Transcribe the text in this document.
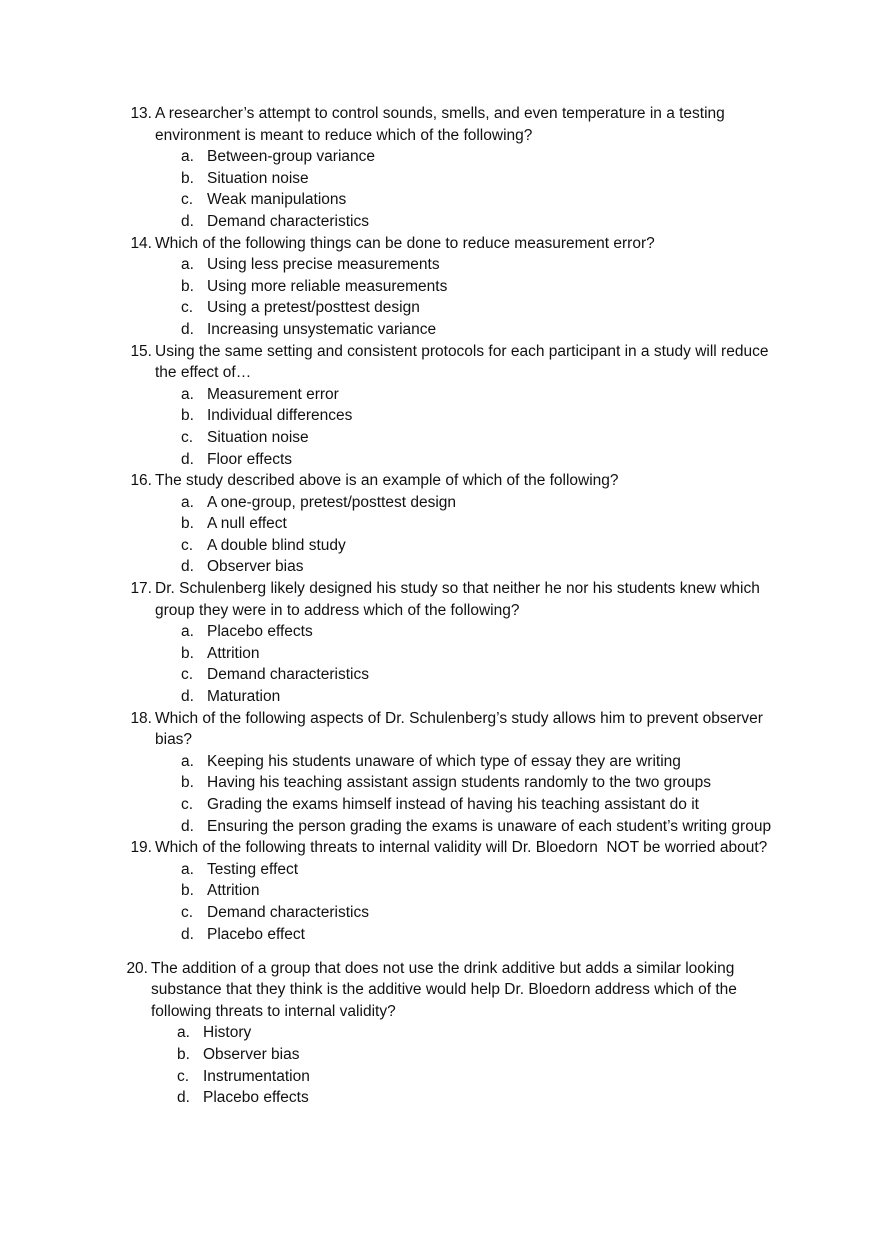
13. A researcher’s attempt to control sounds, smells, and even temperature in a testing environment is meant to reduce which of the following?
a. Between-group variance
b. Situation noise
c. Weak manipulations
d. Demand characteristics
14. Which of the following things can be done to reduce measurement error?
a. Using less precise measurements
b. Using more reliable measurements
c. Using a pretest/posttest design
d. Increasing unsystematic variance
15. Using the same setting and consistent protocols for each participant in a study will reduce the effect of…
a. Measurement error
b. Individual differences
c. Situation noise
d. Floor effects
16. The study described above is an example of which of the following?
a. A one-group, pretest/posttest design
b. A null effect
c. A double blind study
d. Observer bias
17. Dr. Schulenberg likely designed his study so that neither he nor his students knew which group they were in to address which of the following?
a. Placebo effects
b. Attrition
c. Demand characteristics
d. Maturation
18. Which of the following aspects of Dr. Schulenberg’s study allows him to prevent observer bias?
a. Keeping his students unaware of which type of essay they are writing
b. Having his teaching assistant assign students randomly to the two groups
c. Grading the exams himself instead of having his teaching assistant do it
d. Ensuring the person grading the exams is unaware of each student’s writing group
19. Which of the following threats to internal validity will Dr. Bloedorn  NOT be worried about?
a. Testing effect
b. Attrition
c. Demand characteristics
d. Placebo effect
20. The addition of a group that does not use the drink additive but adds a similar looking substance that they think is the additive would help Dr. Bloedorn address which of the following threats to internal validity?
a. History
b. Observer bias
c. Instrumentation
d. Placebo effects
